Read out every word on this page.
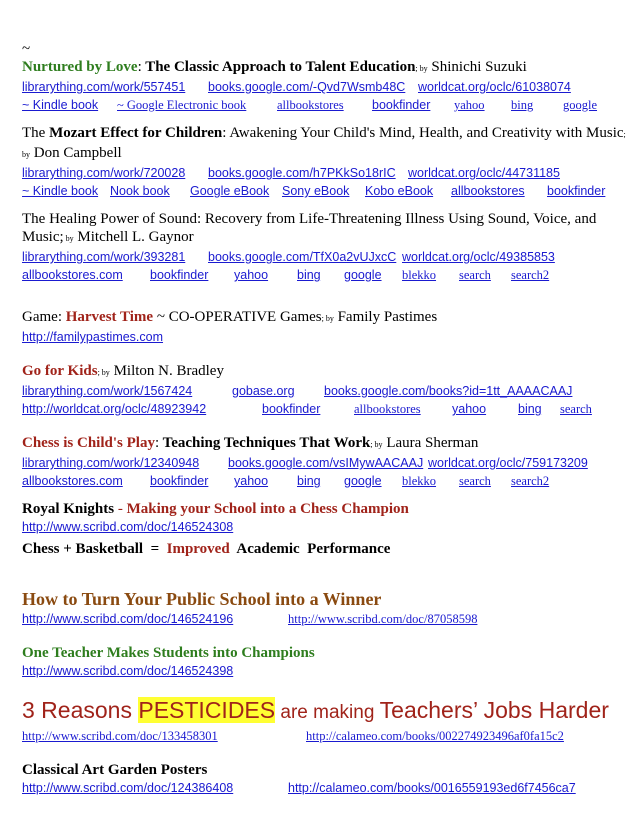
~
Nurtured by Love: The Classic Approach to Talent Education; by Shinichi Suzuki
librarything.com/work/557451 books.google.com/-Qvd7Wsmb48C worldcat.org/oclc/61038074
~ Kindle book ~ Google Electronic book allbookstores bookfinder yahoo bing google
The Mozart Effect for Children: Awakening Your Child's Mind, Health, and Creativity with Music;
by Don Campbell
librarything.com/work/720028 books.google.com/h7PKkSo18rIC worldcat.org/oclc/44731185
~ Kindle book Nook book Google eBook Sony eBook Kobo eBook allbookstores bookfinder
The Healing Power of Sound: Recovery from Life-Threatening Illness Using Sound, Voice, and
Music; by Mitchell L. Gaynor
librarything.com/work/393281 books.google.com/TfX0a2vUJxcC worldcat.org/oclc/49385853
allbookstores.com bookfinder yahoo bing google blekko search search2
Game: Harvest Time ~ CO-OPERATIVE Games; by Family Pastimes
http://familypastimes.com
Go for Kids; by Milton N. Bradley
librarything.com/work/1567424	gobase.org books.google.com/books?id=1tt_AAAACAAJ
http://worldcat.org/oclc/48923942	bookfinder	allbookstores	yahoo	bing search
Chess is Child's Play: Teaching Techniques That Work; by Laura Sherman
librarything.com/work/12340948 books.google.com/vsIMywAACAAJ worldcat.org/oclc/759173209
allbookstores.com bookfinder yahoo bing google blekko search search2
Royal Knights - Making your School into a Chess Champion
http://www.scribd.com/doc/146524308
Chess + Basketball  =  Improved  Academic  Performance
How to Turn Your Public School into a Winner
http://www.scribd.com/doc/146524196	http://www.scribd.com/doc/87058598
One Teacher Makes Students into Champions
http://www.scribd.com/doc/146524398
3 Reasons PESTICIDES are making Teachers’ Jobs Harder
http://www.scribd.com/doc/133458301	http://calameo.com/books/002274923496af0fa15c2
Classical Art Garden Posters
http://www.scribd.com/doc/124386408	http://calameo.com/books/0016559193ed6f7456ca7
